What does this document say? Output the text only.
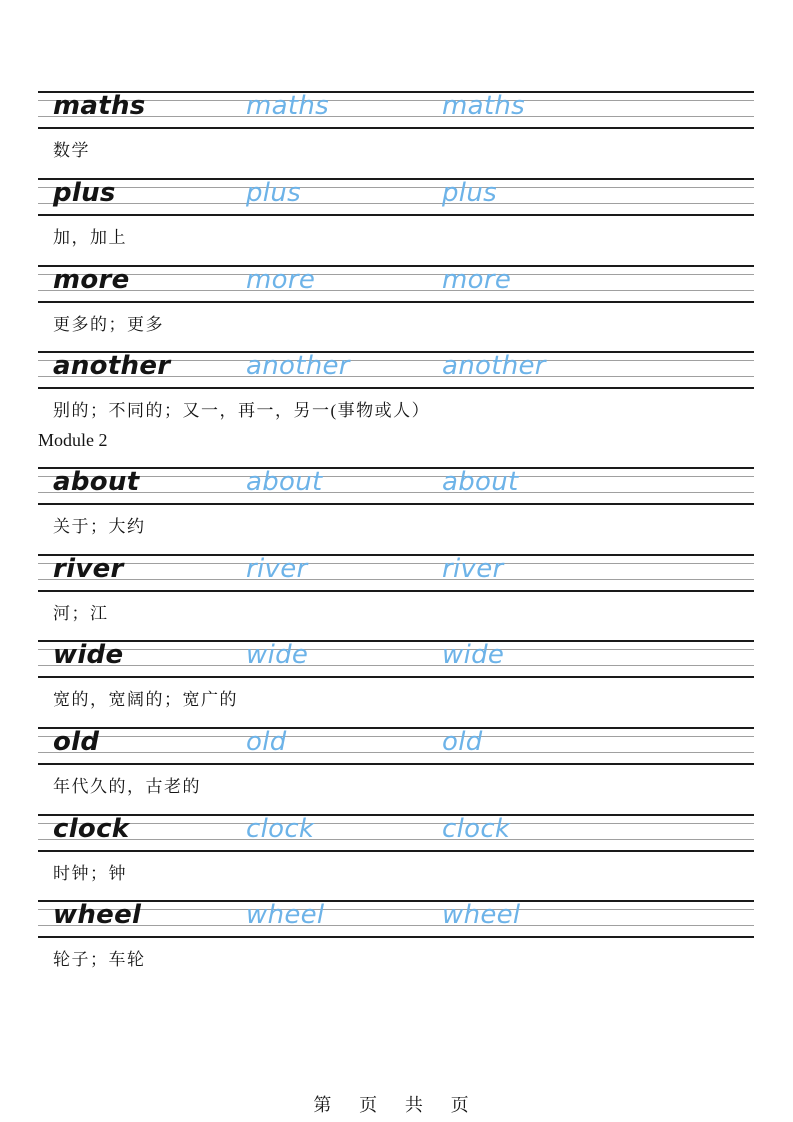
maths	maths	maths
数学
plus	plus	plus
加，加上
more	more	more
更多的；更多
another	another	another
别的；不同的；又一，再一，另一(事物或人）
about	about	about
关于；大约
river	river	river
河；江
wide	wide	wide
宽的，宽阔的；宽广的
old	old	old
年代久的，古老的
clock	clock	clock
时钟；钟
wheel	wheel	wheel
轮子；车轮
Module 2
第 页 共 页
